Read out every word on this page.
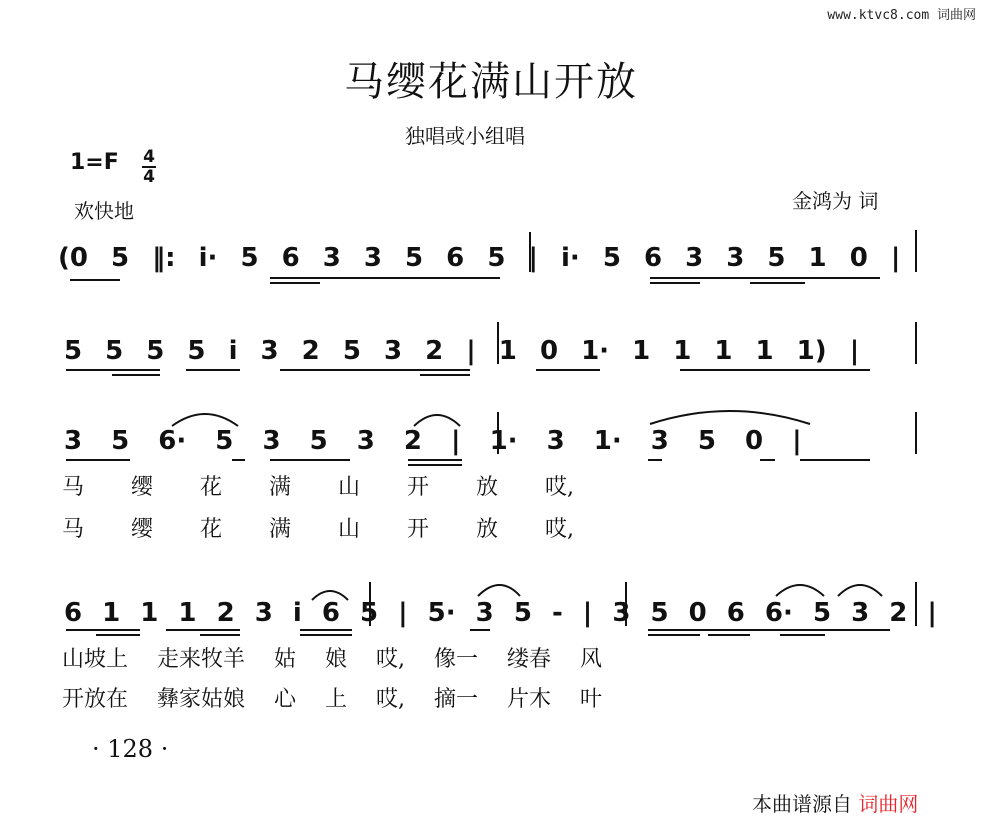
www.ktvc8.com 词曲网
马缨花满山开放
独唱或小组唱
1=F 4
4
欢快地	金鸿为 词
(0 5 ‖: i· 5 6 3 3 5 6 5 | i· 5 6 3 3 5 1 0 |
5 5 5 5 i 3 2 5 3 2 | 1 0 1· 1 1 1 1 1) |
3 5 6· 5 3 5 3 2 | 1· 3 1· 3 5 0 |
马 缨 花 满 山 开 放 哎,
马 缨 花 满 山 开 放 哎,
6 1 1 1 2 3 i 6 5 | 5· 3 5 - | 3 5 0 6 6· 5 3 2 |
山坡上 走来牧羊 姑 娘 哎, 像一 缕春 风
开放在 彝家姑娘 心 上 哎, 摘一 片木 叶
· 128 ·
本曲谱源自 词曲网
